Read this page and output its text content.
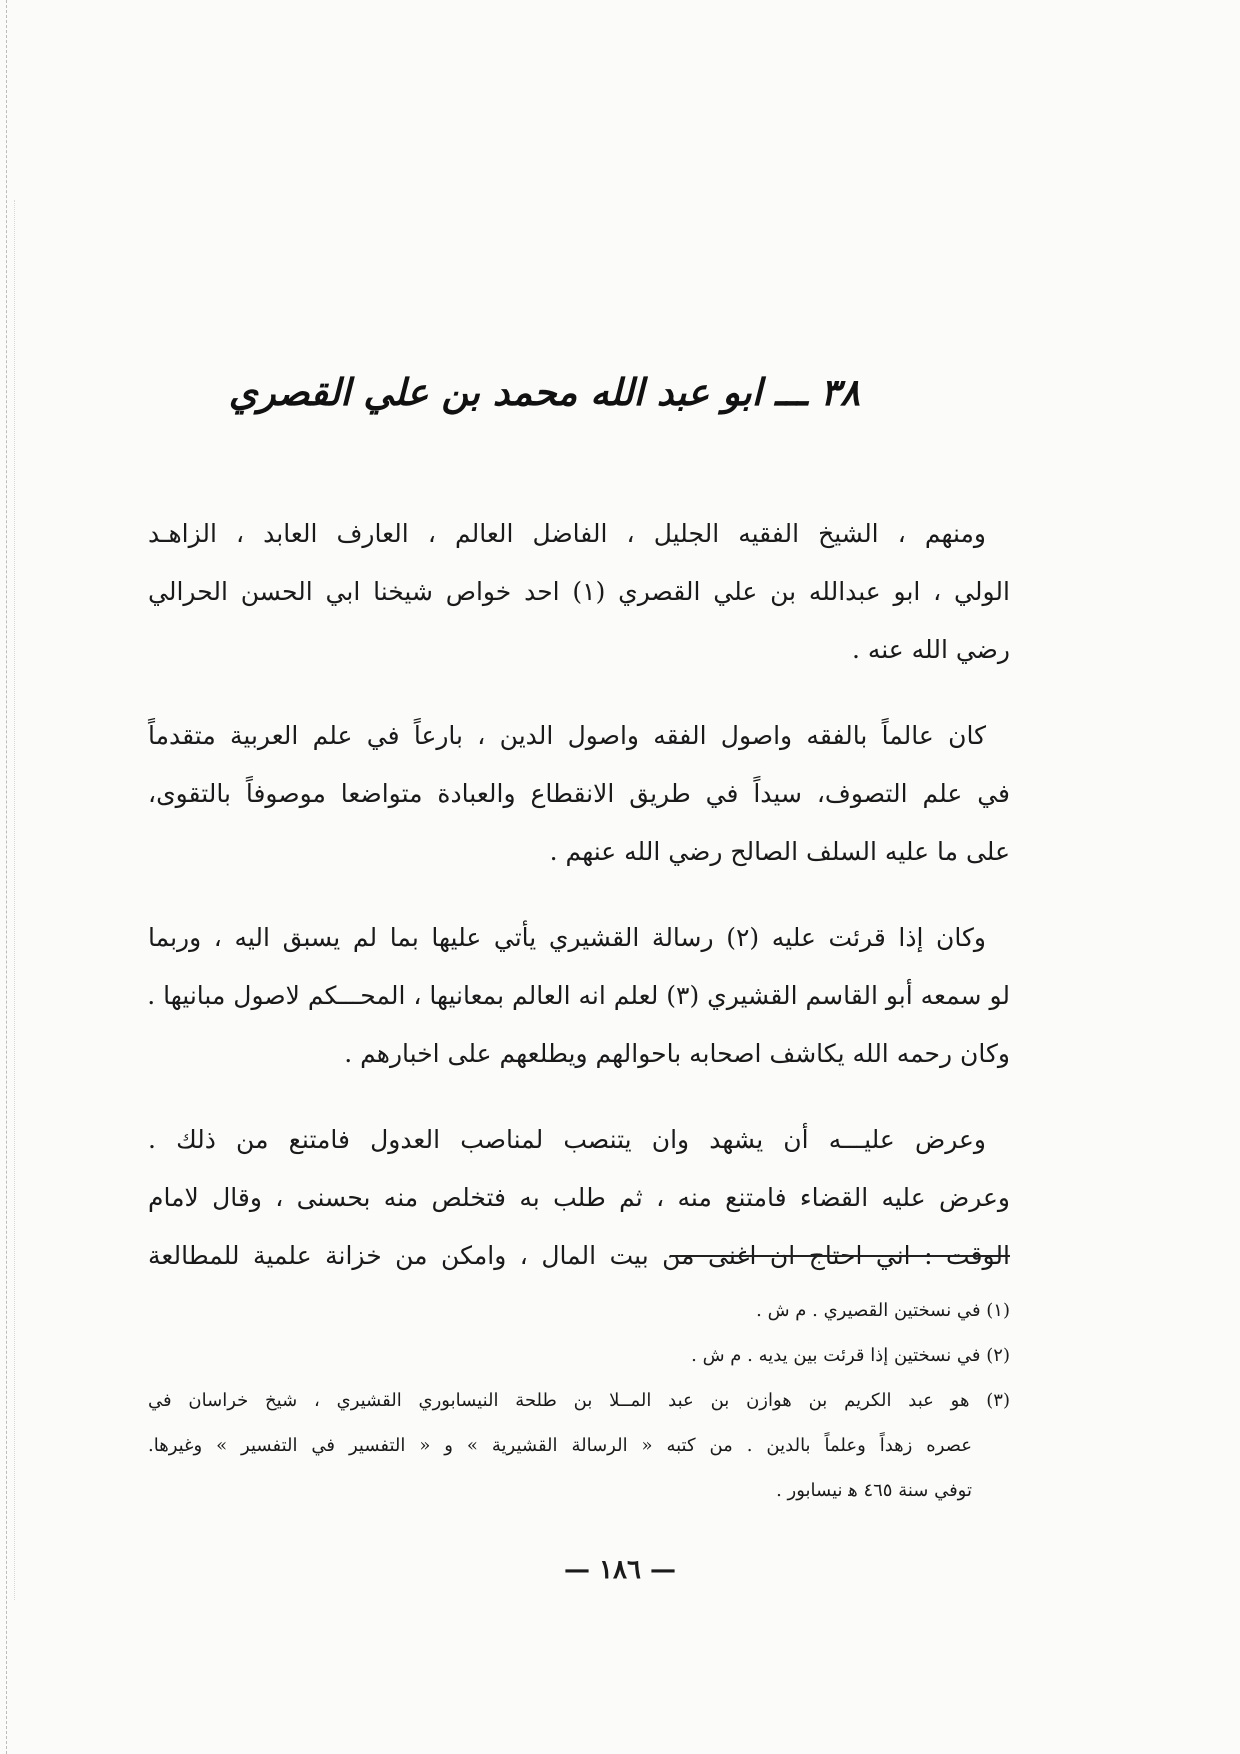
٣٨ ـــ ابو عبد الله محمد بن علي القصري
ومنهم ، الشيخ الفقيه الجليل ، الفاضل العالم ، العارف العابد ، الزاهـد
الولي ، ابو عبدالله بن علي القصري (١) احد خواص شيخنا ابي الحسن الحرالي
رضي الله عنه .
كان عالماً بالفقه واصول الفقه واصول الدين ، بارعاً في علم العربية متقدماً
في علم التصوف، سيداً في طريق الانقطاع والعبادة متواضعا موصوفاً بالتقوى،
على ما عليه السلف الصالح رضي الله عنهم .
وكان إذا قرئت عليه (٢) رسالة القشيري يأتي عليها بما لم يسبق اليه ، وربما
لو سمعه أبو القاسم القشيري (٣) لعلم انه العالم بمعانيها ، المحـــكم لاصول مبانيها .
وكان رحمه الله يكاشف اصحابه باحوالهم ويطلعهم على اخبارهم .
وعرض عليـــه أن يشهد وان يتنصب لمناصب العدول فامتنع من ذلك .
وعرض عليه القضاء فامتنع منه ، ثم طلب به فتخلص منه بحسنى ، وقال لامام
الوقت : اني احتاج ان اغنى من بيت المال ، وامكن من خزانة علمية للمطالعة
(١) في نسختين القصيري . م ش .
(٢) في نسختين إذا قرئت بين يديه . م ش .
(٣) هو عبد الكريم بن هوازن بن عبد المــلا بن طلحة النيسابوري القشيري ، شيخ خراسان في
عصره زهداً وعلماً بالدين . من كتبه « الرسالة القشيرية » و « التفسير في التفسير » وغيرها.
توفي سنة ٤٦٥ ﻫ نيسابور .
— ١٨٦ —
